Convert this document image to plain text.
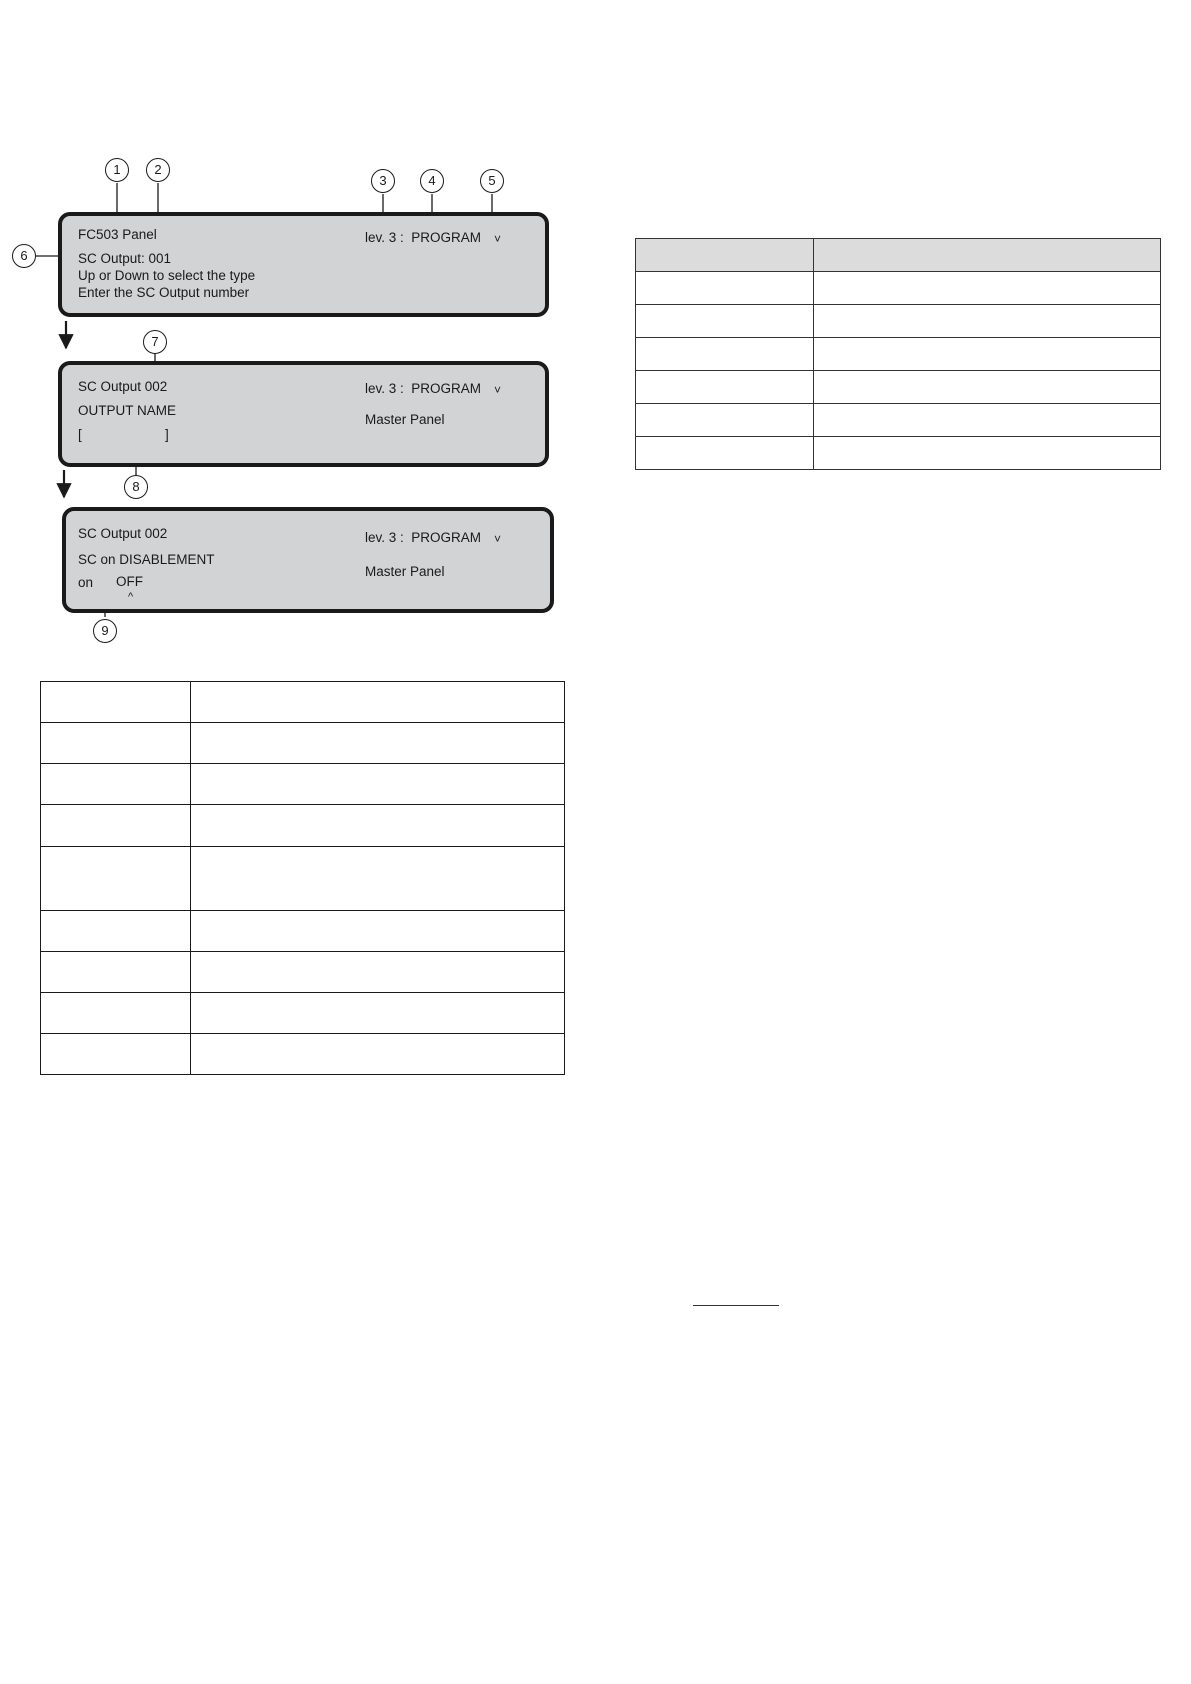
FC503 Panel
SC Output: 001
Up or Down to select the type
Enter the SC Output number
lev. 3 :  PROGRAM ˅
SC Output 002
OUTPUT NAME
[	]
lev. 3 :  PROGRAM ˅
Master Panel
SC Output 002
SC on DISABLEMENT
on OFF
^
lev. 3 :  PROGRAM ˅
Master Panel
1	2
3	4	5
6
7
8
9
